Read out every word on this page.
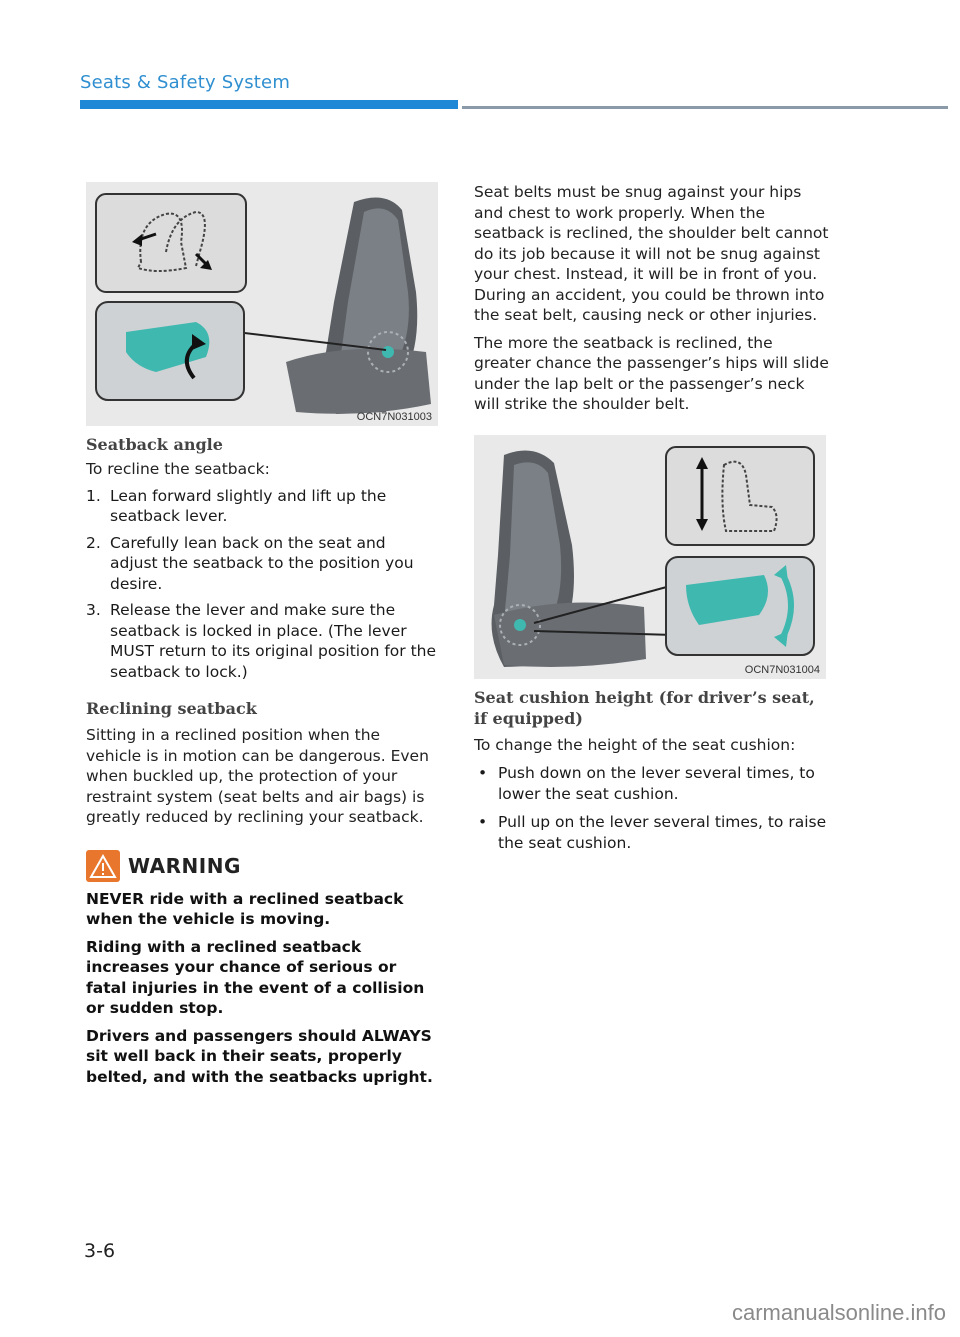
Seats & Safety System
OCN7N031003
Seatback angle

To recline the seatback:

1. Lean forward slightly and lift up the seatback lever.
2. Carefully lean back on the seat and adjust the seatback to the position you desire.
3. Release the lever and make sure the seatback is locked in place. (The lever MUST return to its original position for the seatback to lock.)
Reclining seatback

Sitting in a reclined position when the vehicle is in motion can be dangerous. Even when buckled up, the protection of your restraint system (seat belts and air bags) is greatly reduced by reclining your seatback.

WARNING

NEVER ride with a reclined seatback when the vehicle is moving.

Riding with a reclined seatback increases your chance of serious or fatal injuries in the event of a collision or sudden stop.

Drivers and passengers should ALWAYS sit well back in their seats, properly belted, and with the seatbacks upright.

Seat belts must be snug against your hips and chest to work properly. When the seatback is reclined, the shoulder belt cannot do its job because it will not be snug against your chest. Instead, it will be in front of you. During an accident, you could be thrown into the seat belt, causing neck or other injuries.

The more the seatback is reclined, the greater chance the passenger’s hips will slide under the lap belt or the passenger’s neck will strike the shoulder belt.

OCN7N031004
Seat cushion height (for driver’s seat, if equipped)

To change the height of the seat cushion:

• Push down on the lever several times, to lower the seat cushion.
• Pull up on the lever several times, to raise the seat cushion.
3-6
carmanualsonline.info
